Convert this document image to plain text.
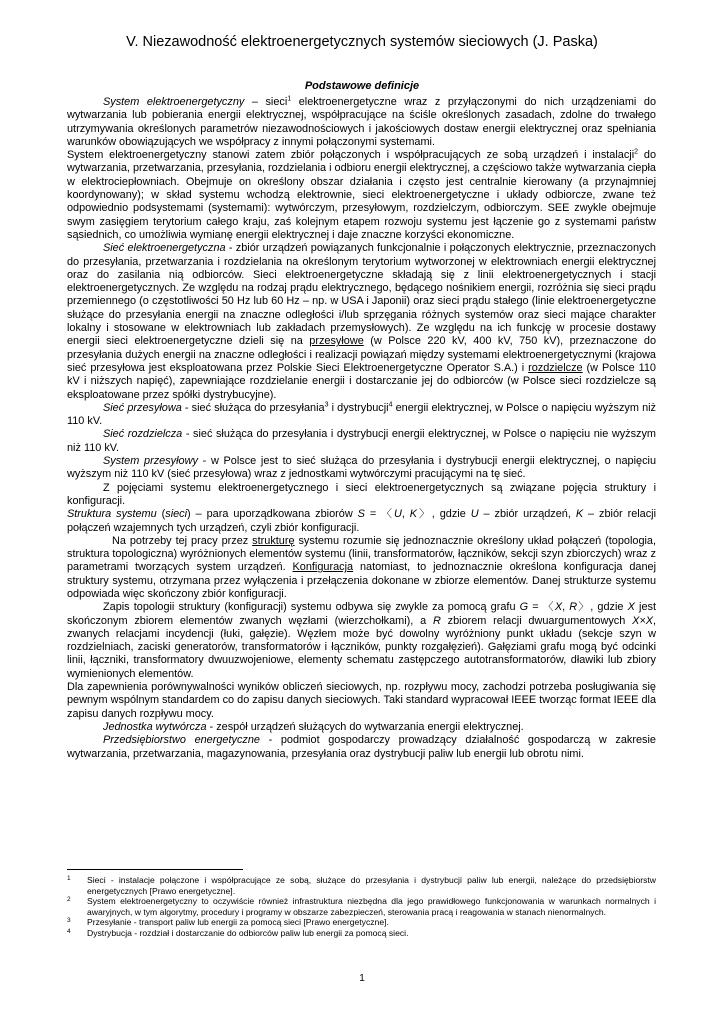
V. Niezawodność elektroenergetycznych systemów sieciowych (J. Paska)
Podstawowe definicje

System elektroenergetyczny – sieci$^1$ elektroenergetyczne wraz z przyłączonymi do nich urządzeniami do wytwarzania lub pobierania energii elektrycznej, współpracujące na ściśle określonych zasadach, zdolne do trwałego utrzymywania określonych parametrów niezawodnościowych i jakościowych dostaw energii elektrycznej oraz spełniania warunków obowiązujących we współpracy z innymi połączonymi systemami.

System elektroenergetyczny stanowi zatem zbiór połączonych i współpracujących ze sobą urządzeń i instalacji$^2$ do wytwarzania, przetwarzania, przesyłania, rozdzielania i odbioru energii elektrycznej, a częściowo także wytwarzania ciepła w elektrociepłowniach. Obejmuje on określony obszar działania i często jest centralnie kierowany (a przynajmniej koordynowany); w skład systemu wchodzą elektrownie, sieci elektroenergetyczne i układy odbiorcze, zwane też odpowiednio podsystemami (systemami): wytwórczym, przesyłowym, rozdzielczym, odbiorczym. SEE zwykle obejmuje swym zasięgiem terytorium całego kraju, zaś kolejnym etapem rozwoju systemu jest łączenie go z systemami państw sąsiednich, co umożliwia wymianę energii elektrycznej i daje znaczne korzyści ekonomiczne.

Sieć elektroenergetyczna - zbiór urządzeń powiązanych funkcjonalnie i połączonych elektrycznie, przeznaczonych do przesyłania, przetwarzania i rozdzielania na określonym terytorium wytworzonej w elektrowniach energii elektrycznej oraz do zasilania nią odbiorców. Sieci elektroenergetyczne składają się z linii elektroenergetycznych i stacji elektroenergetycznych. Ze względu na rodzaj prądu elektrycznego, będącego nośnikiem energii, rozróżnia się sieci prądu przemiennego (o częstotliwości 50 Hz lub 60 Hz – np. w USA i Japonii) oraz sieci prądu stałego (linie elektroenergetyczne służące do przesyłania energii na znaczne odległości i/lub sprzęgania różnych systemów oraz sieci mające charakter lokalny i stosowane w elektrowniach lub zakładach przemysłowych). Ze względu na ich funkcję w procesie dostawy energii sieci elektroenergetyczne dzieli się na przesyłowe (w Polsce 220 kV, 400 kV, 750 kV), przeznaczone do przesyłania dużych energii na znaczne odległości i realizacji powiązań między systemami elektroenergetycznymi (krajowa sieć przesyłowa jest eksploatowana przez Polskie Sieci Elektroenergetyczne Operator S.A.) i rozdzielcze (w Polsce 110 kV i niższych napięć), zapewniające rozdzielanie energii i dostarczanie jej do odbiorców (w Polsce sieci rozdzielcze są eksploatowane przez spółki dystrybucyjne).

Sieć przesyłowa - sieć służąca do przesyłania$^3$ i dystrybucji$^4$ energii elektrycznej, w Polsce o napięciu wyższym niż 110 kV.

Sieć rozdzielcza - sieć służąca do przesyłania i dystrybucji energii elektrycznej, w Polsce o napięciu nie wyższym niż 110 kV.

System przesyłowy - w Polsce jest to sieć służąca do przesyłania i dystrybucji energii elektrycznej, o napięciu wyższym niż 110 kV (sieć przesyłowa) wraz z jednostkami wytwórczymi pracującymi na tę sieć.

Z pojęciami systemu elektroenergetycznego i sieci elektroenergetycznych są związane pojęcia struktury i konfiguracji.

Struktura systemu (sieci) – para uporządkowana zbiorów S = 〈U, K〉, gdzie U – zbiór urządzeń, K – zbiór relacji połączeń wzajemnych tych urządzeń, czyli zbiór konfiguracji.

Na potrzeby tej pracy przez strukturę systemu rozumie się jednoznacznie określony układ połączeń (topologia, struktura topologiczna) wyróżnionych elementów systemu (linii, transformatorów, łączników, sekcji szyn zbiorczych) wraz z parametrami tworzących system urządzeń. Konfiguracja natomiast, to jednoznacznie określona konfiguracja danej struktury systemu, otrzymana przez wyłączenia i przełączenia dokonane w zbiorze elementów. Danej strukturze systemu odpowiada więc skończony zbiór konfiguracji.

Zapis topologii struktury (konfiguracji) systemu odbywa się zwykle za pomocą grafu G = 〈X, R〉, gdzie X jest skończonym zbiorem elementów zwanych węzłami (wierzchołkami), a R zbiorem relacji dwuargumentowych X×X, zwanych relacjami incydencji (łuki, gałęzie). Węzłem może być dowolny wyróżniony punkt układu (sekcje szyn w rozdzielniach, zaciski generatorów, transformatorów i łączników, punkty rozgałęzień). Gałęziami grafu mogą być odcinki linii, łączniki, transformatory dwuuzwojeniowe, elementy schematu zastępczego autotransformatorów, dławiki lub zbiory wymienionych elementów.

Dla zapewnienia porównywalności wyników obliczeń sieciowych, np. rozpływu mocy, zachodzi potrzeba posługiwania się pewnym wspólnym standardem co do zapisu danych sieciowych. Taki standard wypracował IEEE tworząc format IEEE dla zapisu danych rozpływu mocy.

Jednostka wytwórcza - zespół urządzeń służących do wytwarzania energii elektrycznej.

Przedsiębiorstwo energetyczne - podmiot gospodarczy prowadzący działalność gospodarczą w zakresie wytwarzania, przetwarzania, magazynowania, przesyłania oraz dystrybucji paliw lub energii lub obrotu nimi.

1	Sieci - instalacje połączone i współpracujące ze sobą, służące do przesyłania i dystrybucji paliw lub energii, należące do przedsiębiorstw energetycznych [Prawo energetyczne].
2	System elektroenergetyczny to oczywiście również infrastruktura niezbędna dla jego prawidłowego funkcjonowania w warunkach normalnych i awaryjnych, w tym algorytmy, procedury i programy w obszarze zabezpieczeń, sterowania pracą i reagowania w stanach nienormalnych.
3	Przesyłanie - transport paliw lub energii za pomocą sieci [Prawo energetyczne].
4	Dystrybucja - rozdział i dostarczanie do odbiorców paliw lub energii za pomocą sieci.
1
